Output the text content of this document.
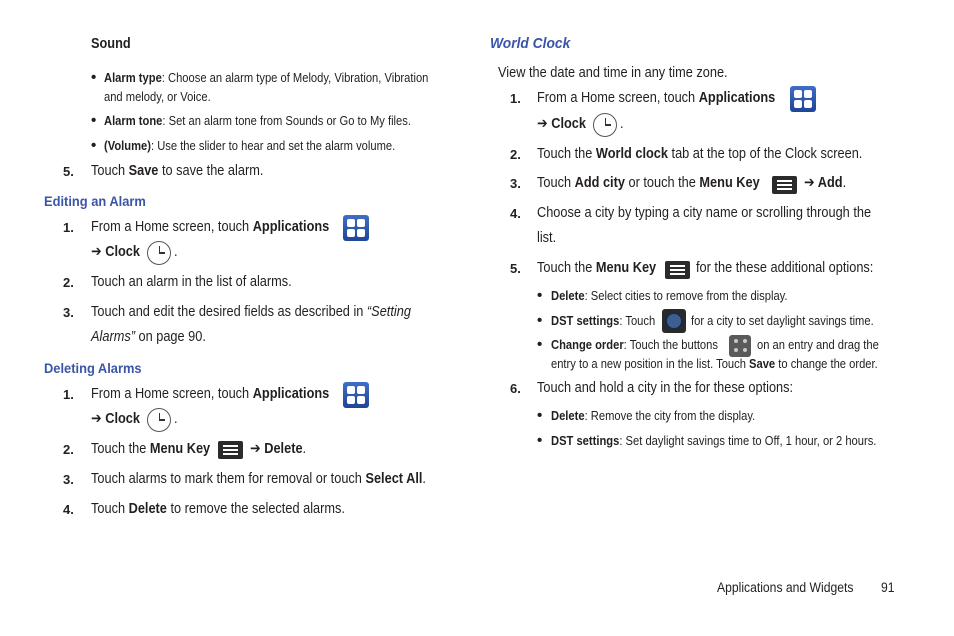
Sound
• Alarm type: Choose an alarm type of Melody, Vibration, Vibration
and melody, or Voice.
• Alarm tone: Set an alarm tone from Sounds or Go to My files.
• (Volume): Use the slider to hear and set the alarm volume.
5. Touch Save to save the alarm.
Editing an Alarm
1. From a Home screen, touch Applications
➔ Clock .
2. Touch an alarm in the list of alarms.
3. Touch and edit the desired fields as described in “Setting
Alarms” on page 90.
Deleting Alarms
1. From a Home screen, touch Applications
➔ Clock .
2. Touch the Menu Key	➔ Delete.
3. Touch alarms to mark them for removal or touch Select All.
4. Touch Delete to remove the selected alarms.
World Clock
View the date and time in any time zone.
1. From a Home screen, touch Applications
➔ Clock .
2. Touch the World clock tab at the top of the Clock screen.
3. Touch Add city or touch the Menu Key	➔ Add.
4. Choose a city by typing a city name or scrolling through the
list.
5. Touch the Menu Key	for the these additional options:
• Delete: Select cities to remove from the display.
• DST settings: Touch	for a city to set daylight savings time.
• Change order: Touch the buttons	on an entry and drag the
entry to a new position in the list. Touch Save to change the order.
6. Touch and hold a city in the for these options:
• Delete: Remove the city from the display.
• DST settings: Set daylight savings time to Off, 1 hour, or 2 hours.
Applications and Widgets 91
